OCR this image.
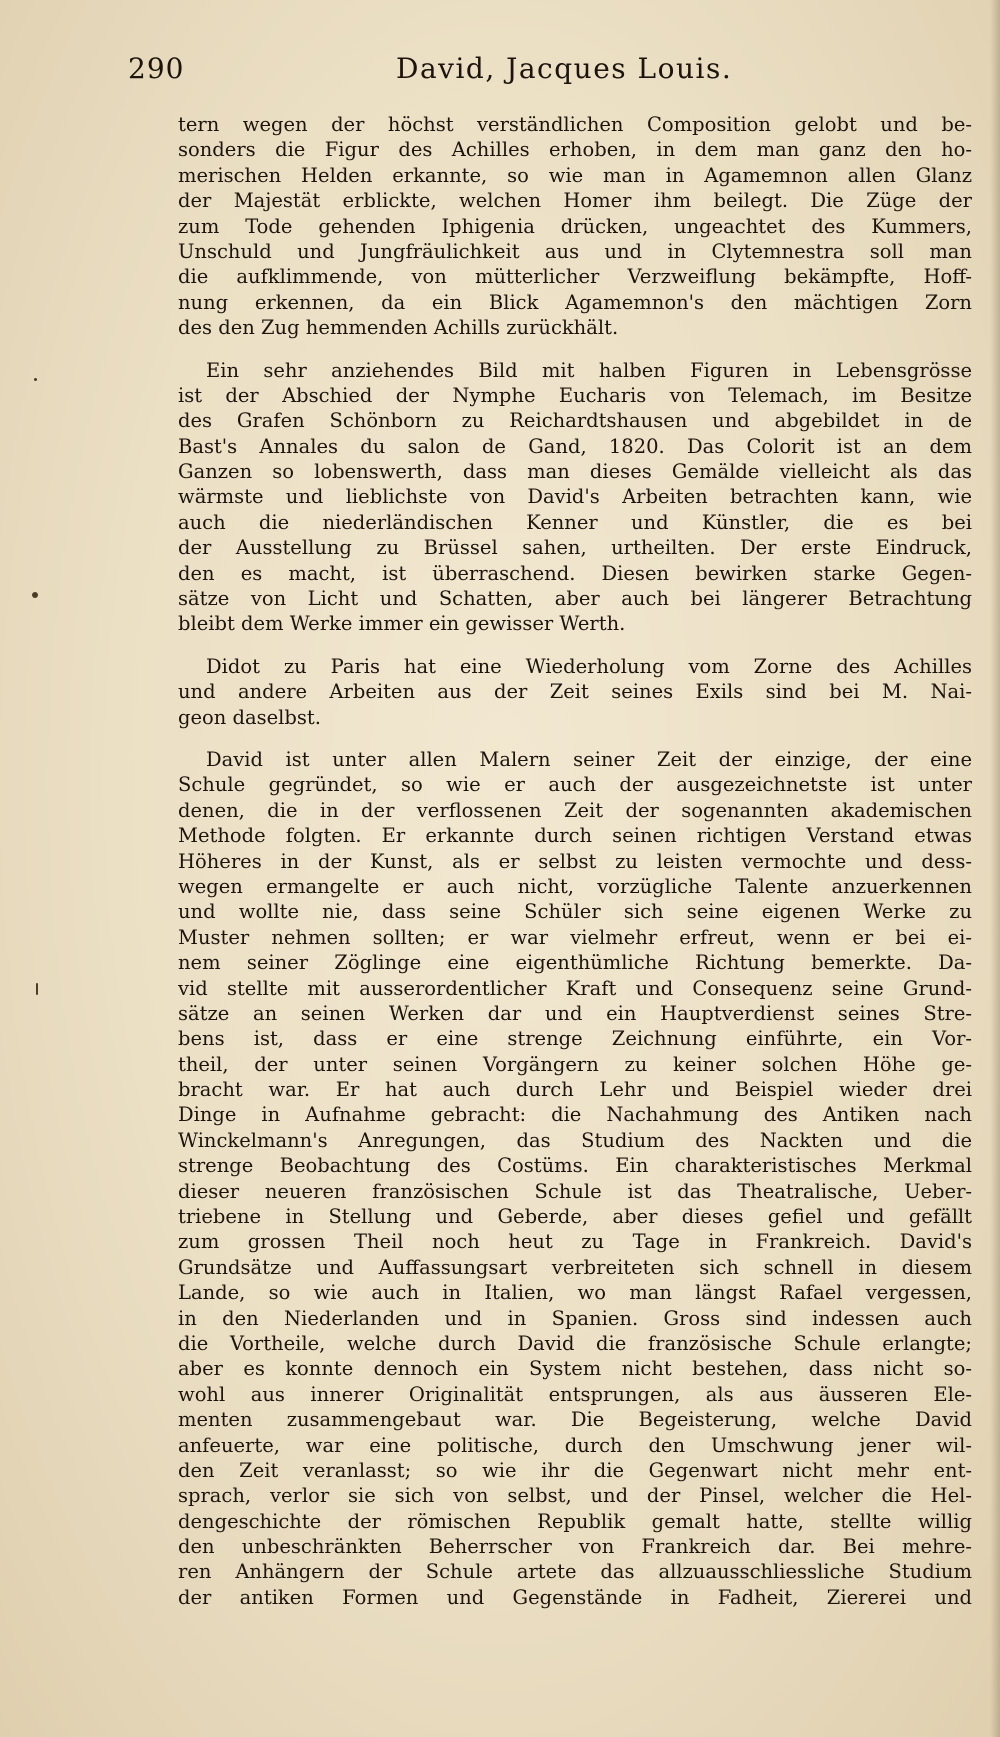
290	David, Jacques Louis.
tern wegen der höchst verständlichen Composition gelobt und be-
sonders die Figur des Achilles erhoben, in dem man ganz den ho-
merischen Helden erkannte, so wie man in Agamemnon allen Glanz
der Majestät erblickte, welchen Homer ihm beilegt. Die Züge der
zum Tode gehenden Iphigenia drücken, ungeachtet des Kummers,
Unschuld und Jungfräulichkeit aus und in Clytemnestra soll man
die aufklimmende, von mütterlicher Verzweiflung bekämpfte, Hoff-
nung erkennen, da ein Blick Agamemnon's den mächtigen Zorn
des den Zug hemmenden Achills zurückhält.
Ein sehr anziehendes Bild mit halben Figuren in Lebensgrösse
ist der Abschied der Nymphe Eucharis von Telemach, im Besitze
des Grafen Schönborn zu Reichardtshausen und abgebildet in de
Bast's Annales du salon de Gand, 1820. Das Colorit ist an dem
Ganzen so lobenswerth, dass man dieses Gemälde vielleicht als das
wärmste und lieblichste von David's Arbeiten betrachten kann, wie
auch die niederländischen Kenner und Künstler, die es bei
der Ausstellung zu Brüssel sahen, urtheilten. Der erste Eindruck,
den es macht, ist überraschend. Diesen bewirken starke Gegen-
sätze von Licht und Schatten, aber auch bei längerer Betrachtung
bleibt dem Werke immer ein gewisser Werth.
Didot zu Paris hat eine Wiederholung vom Zorne des Achilles
und andere Arbeiten aus der Zeit seines Exils sind bei M. Nai-
geon daselbst.
David ist unter allen Malern seiner Zeit der einzige, der eine
Schule gegründet, so wie er auch der ausgezeichnetste ist unter
denen, die in der verflossenen Zeit der sogenannten akademischen
Methode folgten. Er erkannte durch seinen richtigen Verstand etwas
Höheres in der Kunst, als er selbst zu leisten vermochte und dess-
wegen ermangelte er auch nicht, vorzügliche Talente anzuerkennen
und wollte nie, dass seine Schüler sich seine eigenen Werke zu
Muster nehmen sollten; er war vielmehr erfreut, wenn er bei ei-
nem seiner Zöglinge eine eigenthümliche Richtung bemerkte. Da-
vid stellte mit ausserordentlicher Kraft und Consequenz seine Grund-
sätze an seinen Werken dar und ein Hauptverdienst seines Stre-
bens ist, dass er eine strenge Zeichnung einführte, ein Vor-
theil, der unter seinen Vorgängern zu keiner solchen Höhe ge-
bracht war. Er hat auch durch Lehr und Beispiel wieder drei
Dinge in Aufnahme gebracht: die Nachahmung des Antiken nach
Winckelmann's Anregungen, das Studium des Nackten und die
strenge Beobachtung des Costüms. Ein charakteristisches Merkmal
dieser neueren französischen Schule ist das Theatralische, Ueber-
triebene in Stellung und Geberde, aber dieses gefiel und gefällt
zum grossen Theil noch heut zu Tage in Frankreich. David's
Grundsätze und Auffassungsart verbreiteten sich schnell in diesem
Lande, so wie auch in Italien, wo man längst Rafael vergessen,
in den Niederlanden und in Spanien. Gross sind indessen auch
die Vortheile, welche durch David die französische Schule erlangte;
aber es konnte dennoch ein System nicht bestehen, dass nicht so-
wohl aus innerer Originalität entsprungen, als aus äusseren Ele-
menten zusammengebaut war. Die Begeisterung, welche David
anfeuerte, war eine politische, durch den Umschwung jener wil-
den Zeit veranlasst; so wie ihr die Gegenwart nicht mehr ent-
sprach, verlor sie sich von selbst, und der Pinsel, welcher die Hel-
dengeschichte der römischen Republik gemalt hatte, stellte willig
den unbeschränkten Beherrscher von Frankreich dar. Bei mehre-
ren Anhängern der Schule artete das allzuausschliessliche Studium
der antiken Formen und Gegenstände in Fadheit, Ziererei und
